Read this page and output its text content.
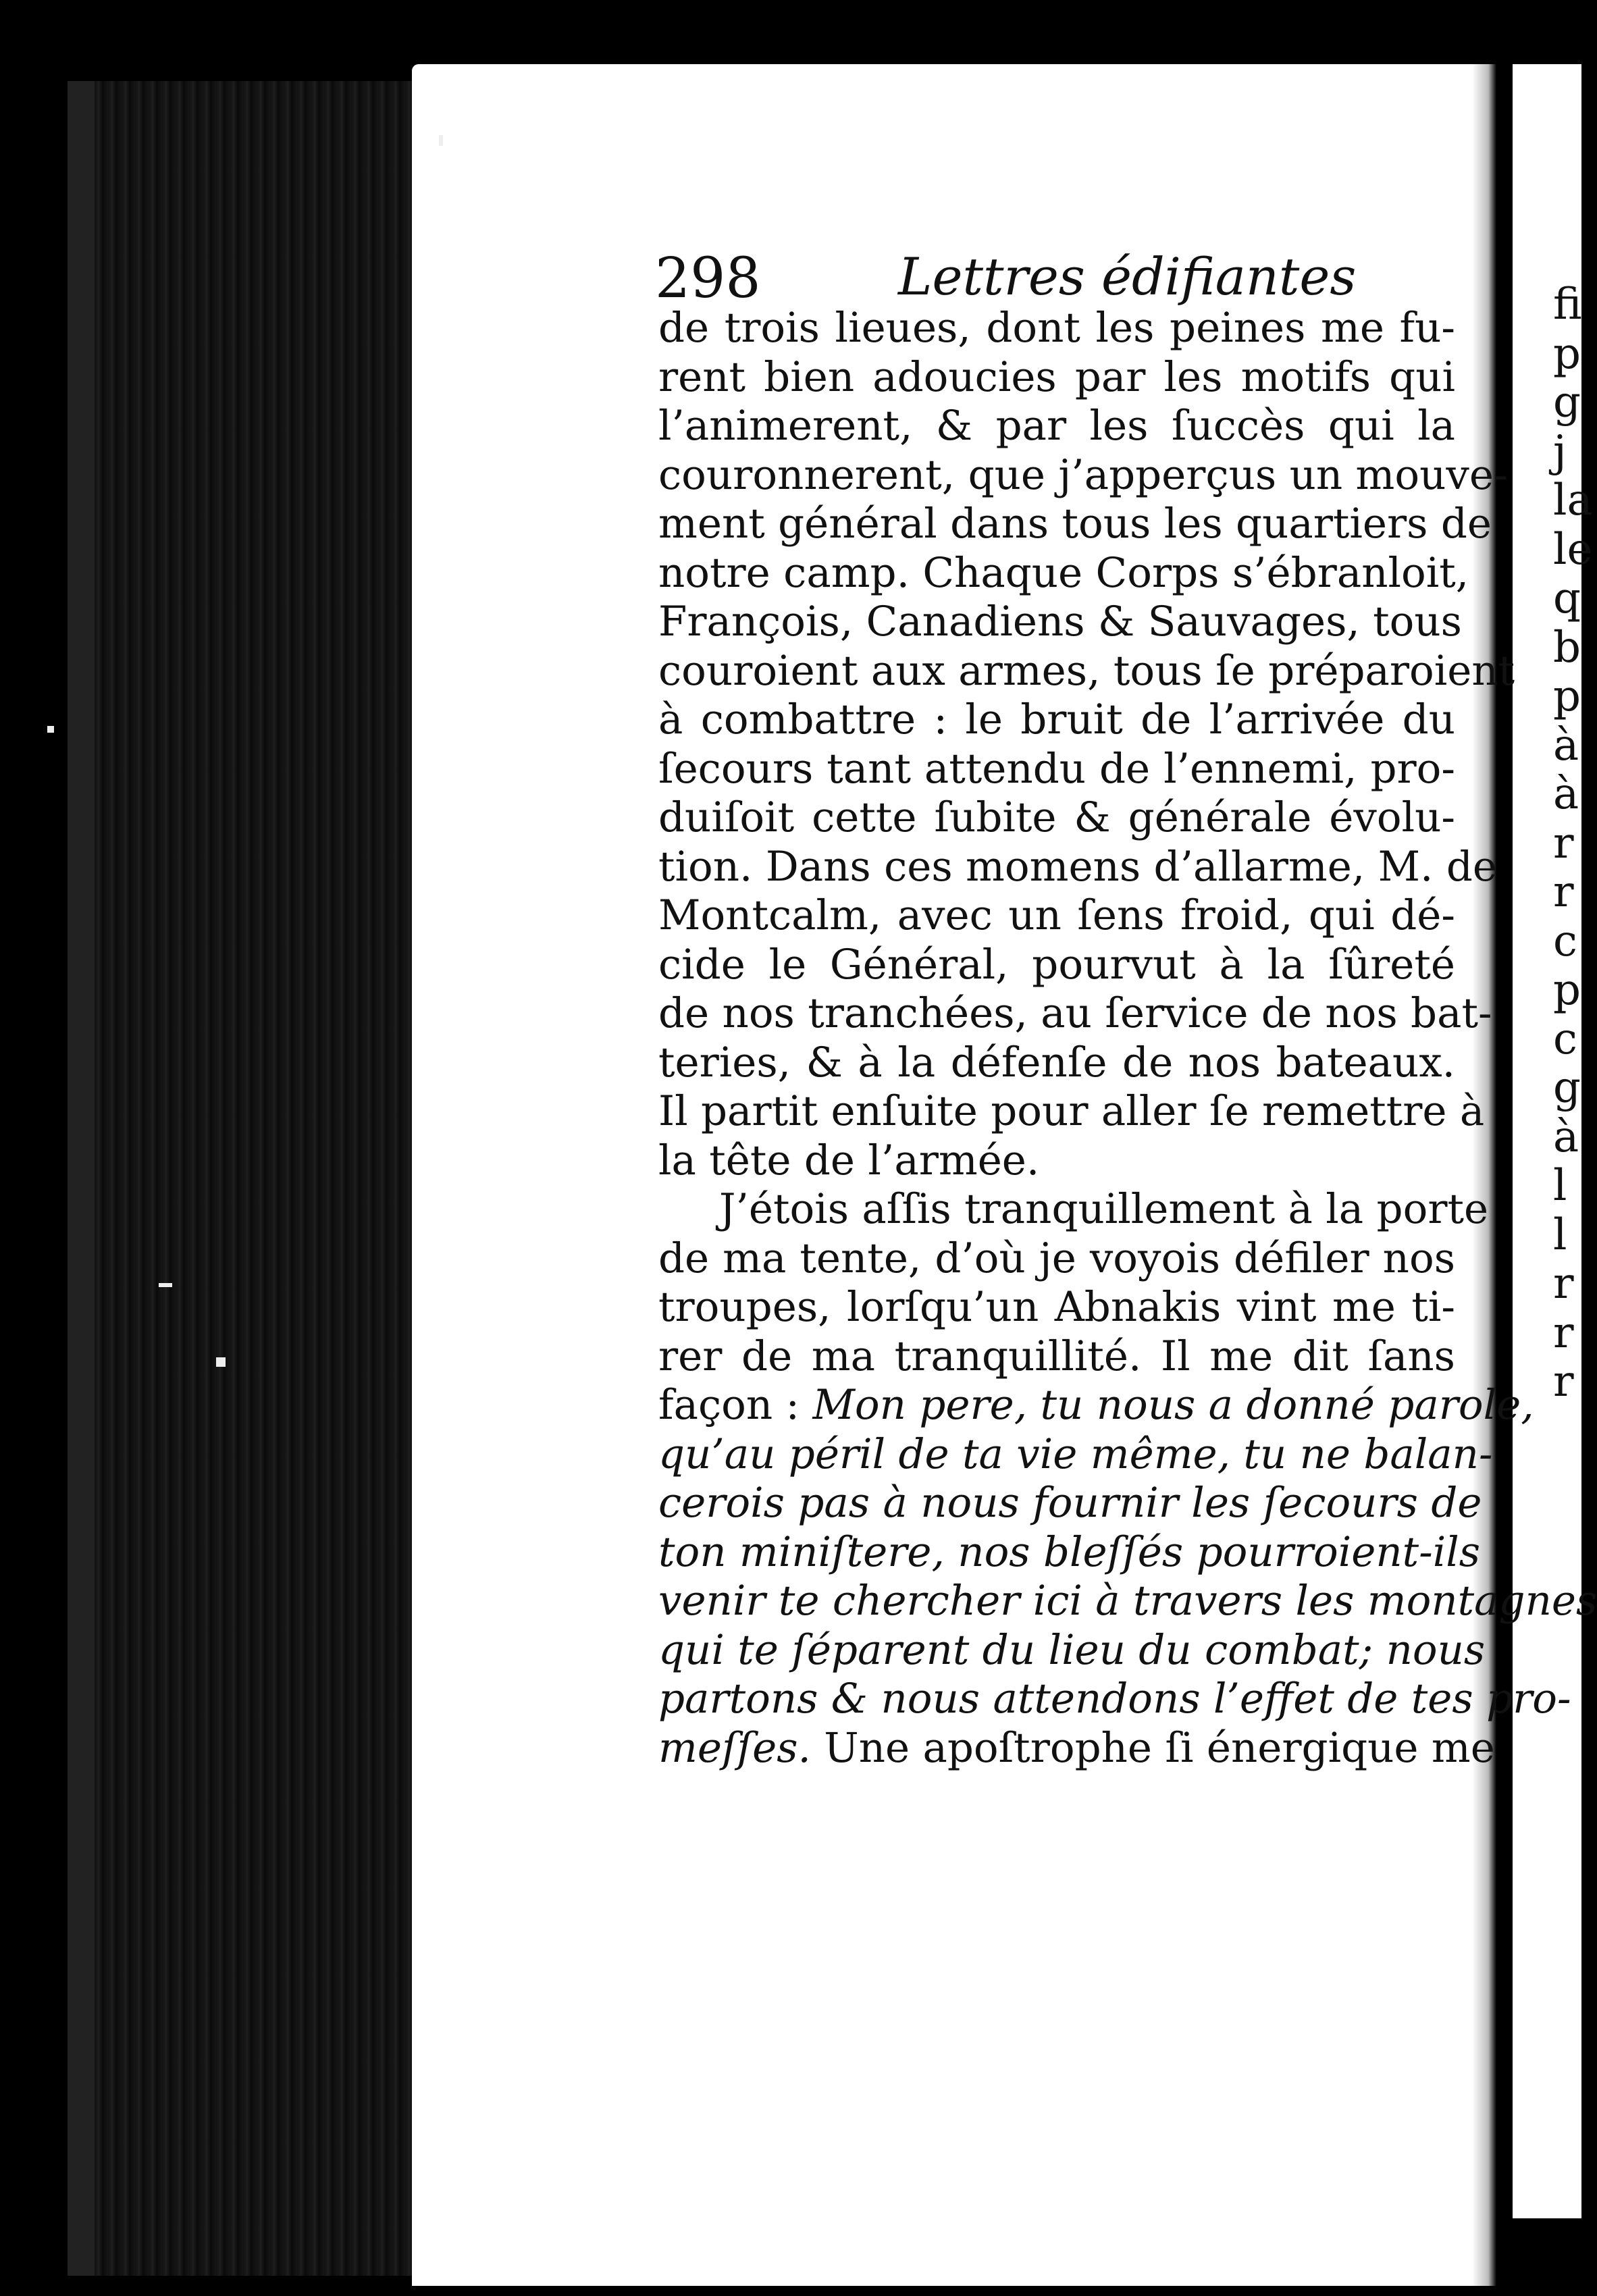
298	Lettres édifiantes
de trois lieues, dont les peines me fu-
rent bien adoucies par les motifs qui
l’animerent, & par les ſuccès qui la
couronnerent, que j’apperçus un mouve-
ment général dans tous les quartiers de
notre camp. Chaque Corps s’ébranloit,
François, Canadiens & Sauvages, tous
couroient aux armes, tous ſe préparoient
à combattre : le bruit de l’arrivée du
ſecours tant attendu de l’ennemi, pro-
duiſoit cette ſubite & générale évolu-
tion. Dans ces momens d’allarme, M. de
Montcalm, avec un ſens froid, qui dé-
cide le Général, pourvut à la ſûreté
de nos tranchées, au ſervice de nos bat-
teries, & à la défenſe de nos bateaux.
Il partit enſuite pour aller ſe remettre à
la tête de l’armée.
J’étois aſſis tranquillement à la porte
de ma tente, d’où je voyois défiler nos
troupes, lorſqu’un Abnakis vint me ti-
rer de ma tranquillité. Il me dit ſans
façon : Mon pere, tu nous a donné parole,
qu’au péril de ta vie même, tu ne balan-
cerois pas à nous fournir les ſecours de
ton miniſtere, nos bleſſés pourroient-ils
venir te chercher ici à travers les montagnes
qui te ſéparent du lieu du combat; nous
partons & nous attendons l’effet de tes pro-
meſſes. Une apoſtrophe ſi énergique me
fi
p
g
j
la
le
q
b
p
à
à
r
r
c
p
c
g
à
l
l
r
r
r
